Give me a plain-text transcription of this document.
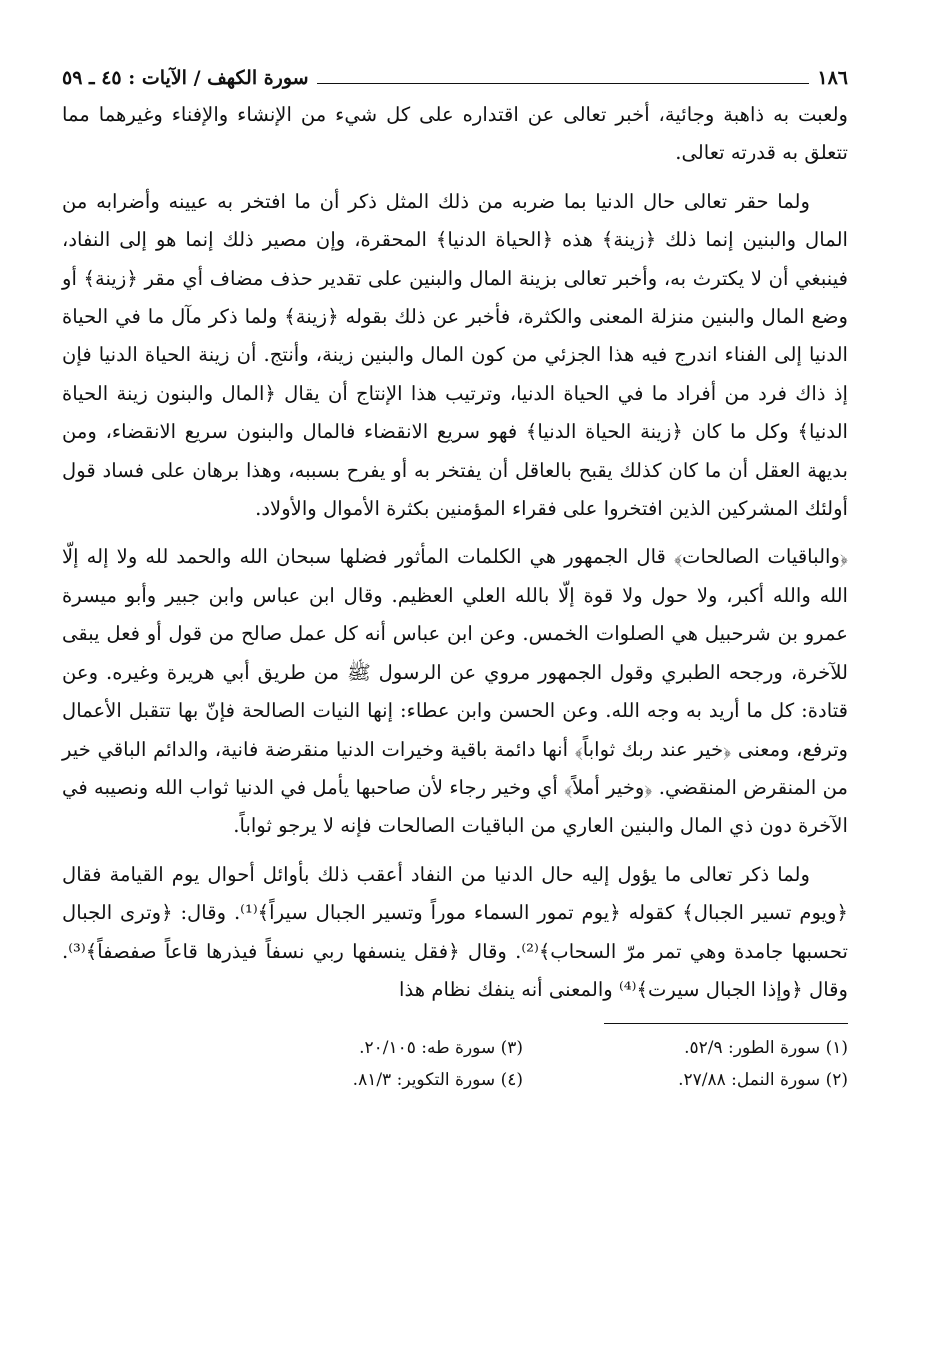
١٨٦
سورة الكهف / الآيات : ٤٥ ـ ٥٩

ولعبت به ذاهبة وجائية، أخبر تعالى عن اقتداره على كل شيء من الإنشاء والإفناء وغيرهما مما تتعلق به قدرته تعالى.

ولما حقر تعالى حال الدنيا بما ضربه من ذلك المثل ذكر أن ما افتخر به عيينه وأضرابه من المال والبنين إنما ذلك ﴿زينة﴾ هذه ﴿الحياة الدنيا﴾ المحقرة، وإن مصير ذلك إنما هو إلى النفاد، فينبغي أن لا يكترث به، وأخبر تعالى بزينة المال والبنين على تقدير حذف مضاف أي مقر ﴿زينة﴾ أو وضع المال والبنين منزلة المعنى والكثرة، فأخبر عن ذلك بقوله ﴿زينة﴾ ولما ذكر مآل ما في الحياة الدنيا إلى الفناء اندرج فيه هذا الجزئي من كون المال والبنين زينة، وأنتج. أن زينة الحياة الدنيا فإن إذ ذاك فرد من أفراد ما في الحياة الدنيا، وترتيب هذا الإنتاج أن يقال ﴿المال والبنون زينة الحياة الدنيا﴾ وكل ما كان ﴿زينة الحياة الدنيا﴾ فهو سريع الانقضاء فالمال والبنون سريع الانقضاء، ومن بديهة العقل أن ما كان كذلك يقبح بالعاقل أن يفتخر به أو يفرح بسببه، وهذا برهان على فساد قول أولئك المشركين الذين افتخروا على فقراء المؤمنين بكثرة الأموال والأولاد.

﴿والباقيات الصالحات﴾ قال الجمهور هي الكلمات المأثور فضلها سبحان الله والحمد لله ولا إله إلّا الله والله أكبر، ولا حول ولا قوة إلّا بالله العلي العظيم. وقال ابن عباس وابن جبير وأبو ميسرة عمرو بن شرحبيل هي الصلوات الخمس. وعن ابن عباس أنه كل عمل صالح من قول أو فعل يبقى للآخرة، ورجحه الطبري وقول الجمهور مروي عن الرسول ﷺ من طريق أبي هريرة وغيره. وعن قتادة: كل ما أريد به وجه الله. وعن الحسن وابن عطاء: إنها النيات الصالحة فإنّ بها تتقبل الأعمال وترفع، ومعنى ﴿خير عند ربك ثواباً﴾ أنها دائمة باقية وخيرات الدنيا منقرضة فانية، والدائم الباقي خير من المنقرض المنقضي. ﴿وخير أملاً﴾ أي وخير رجاء لأن صاحبها يأمل في الدنيا ثواب الله ونصيبه في الآخرة دون ذي المال والبنين العاري من الباقيات الصالحات فإنه لا يرجو ثواباً.

ولما ذكر تعالى ما يؤول إليه حال الدنيا من النفاد أعقب ذلك بأوائل أحوال يوم القيامة فقال ﴿ويوم تسير الجبال﴾ كقوله ﴿يوم تمور السماء موراً وتسير الجبال سيراً﴾⁽¹⁾. وقال: ﴿وترى الجبال تحسبها جامدة وهي تمر مرّ السحاب﴾⁽²⁾. وقال ﴿فقل ينسفها ربي نسفاً فيذرها قاعاً صفصفاً﴾⁽³⁾. وقال ﴿وإذا الجبال سيرت﴾⁽⁴⁾ والمعنى أنه ينفك نظام هذا

(١) سورة الطور: ٥٢/٩.
(٣) سورة طه: ٢٠/١٠٥.
(٢) سورة النمل: ٢٧/٨٨.
(٤) سورة التكوير: ٨١/٣.
